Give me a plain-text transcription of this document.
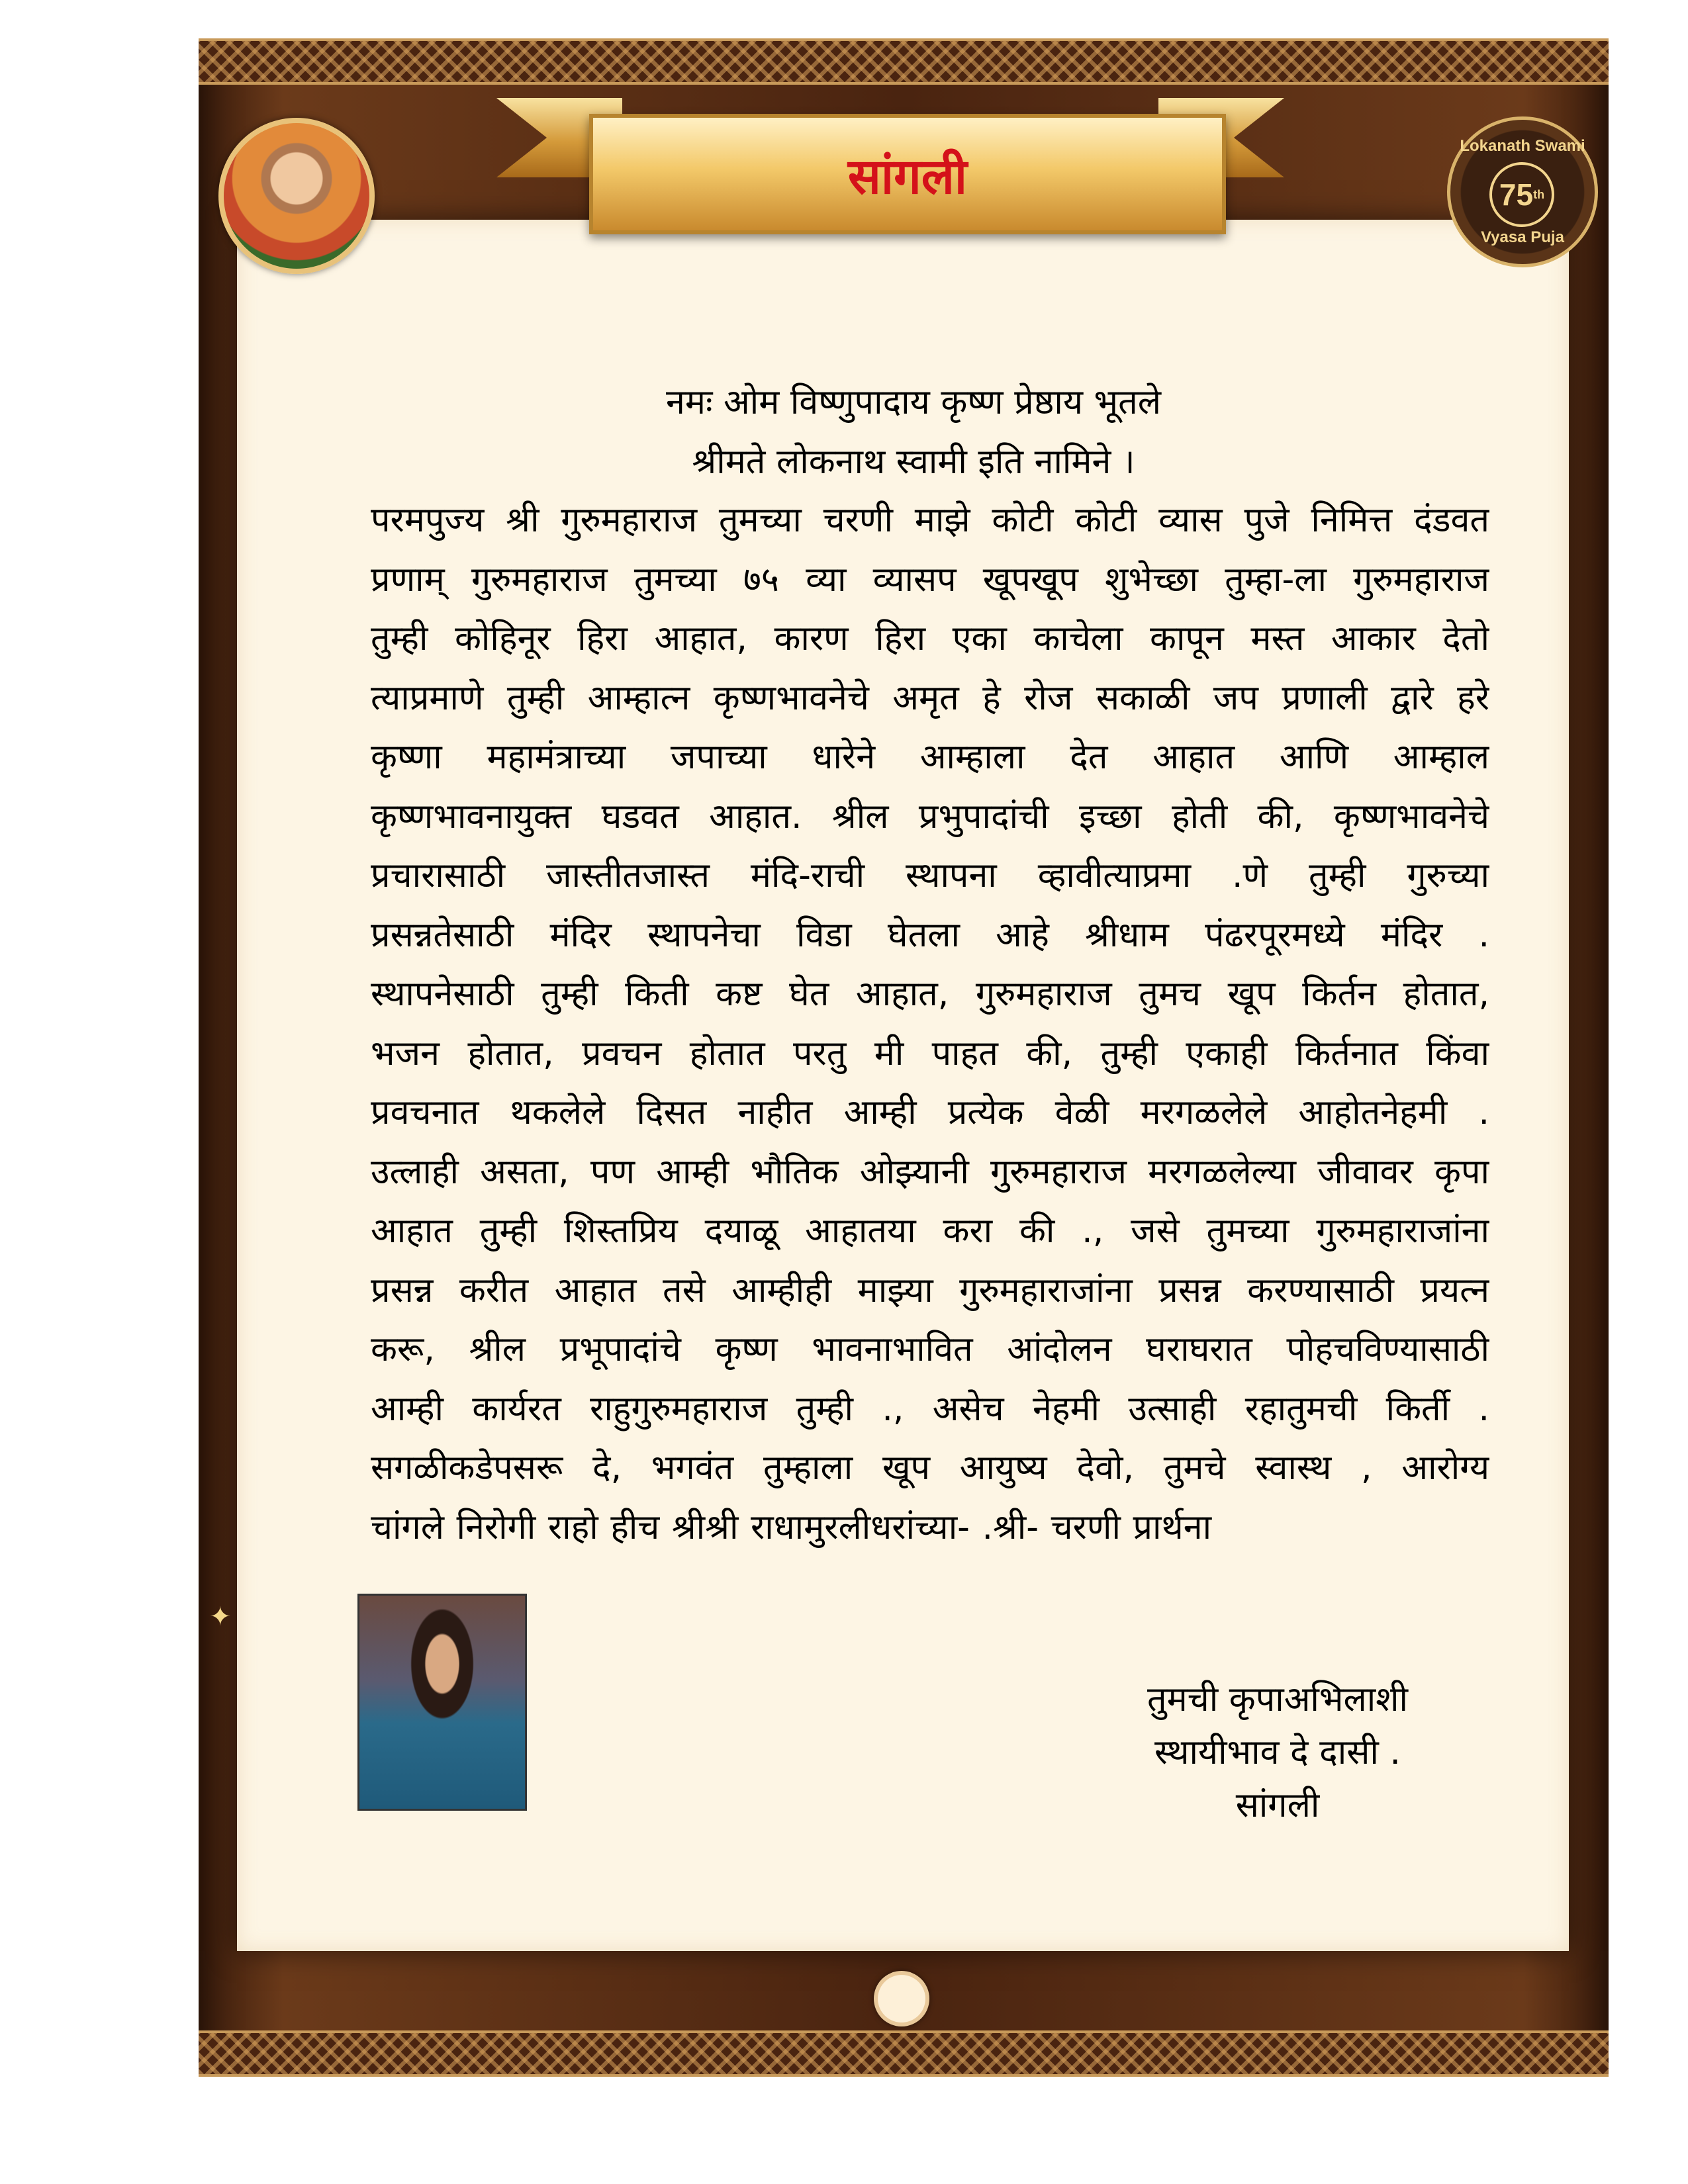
सांगली
Lokanath Swami
75 th
Vyasa Puja
नमः ओम विष्णुपादाय कृष्ण प्रेष्ठाय भूतले
श्रीमते लोकनाथ स्वामी इति नामिने ।
परमपुज्य श्री गुरुमहाराज तुमच्या चरणी माझे कोटी कोटी व्यास पुजे निमित्त दंडवत
प्रणाम् गुरुमहाराज तुमच्या ७५ व्या व्यासप खूपखूप शुभेच्छा तुम्हा-ला गुरुमहाराज
तुम्ही कोहिनूर हिरा आहात, कारण हिरा एका काचेला कापून मस्त आकार देतो
त्याप्रमाणे तुम्ही आम्हात्न कृष्णभावनेचे अमृत हे रोज सकाळी जप प्रणाली द्वारे हरे
कृष्णा महामंत्राच्या जपाच्या धारेने आम्हाला देत आहात आणि आम्हाल
कृष्णभावनायुक्त घडवत आहात. श्रील प्रभुपादांची इच्छा होती की, कृष्णभावनेचे
प्रचारासाठी जास्तीतजास्त मंदि-राची स्थापना व्हावीत्याप्रमा .णे तुम्ही गुरुच्या
प्रसन्नतेसाठी मंदिर स्थापनेचा विडा घेतला आहे श्रीधाम पंढरपूरमध्ये मंदिर .
स्थापनेसाठी तुम्ही किती कष्ट घेत आहात, गुरुमहाराज तुमच खूप किर्तन होतात,
भजन होतात, प्रवचन होतात परतु मी पाहत की, तुम्ही एकाही किर्तनात किंवा
प्रवचनात थकलेले दिसत नाहीत आम्ही प्रत्येक वेळी मरगळलेले आहोतनेहमी .
उत्लाही असता, पण आम्ही भौतिक ओझ्यानी गुरुमहाराज मरगळलेल्या जीवावर कृपा
आहात तुम्ही शिस्तप्रिय दयाळू आहातया करा की ., जसे तुमच्या गुरुमहाराजांना
प्रसन्न करीत आहात तसे आम्हीही माझ्या गुरुमहाराजांना प्रसन्न करण्यासाठी प्रयत्न
करू, श्रील प्रभूपादांचे कृष्ण भावनाभावित आंदोलन घराघरात पोहचविण्यासाठी
आम्ही कार्यरत राहुगुरुमहाराज तुम्ही ., असेच नेहमी उत्साही रहातुमची किर्ती .
सगळीकडेपसरू दे, भगवंत तुम्हाला खूप आयुष्य देवो, तुमचे स्वास्थ , आरोग्य
चांगले निरोगी राहो हीच श्रीश्री राधामुरलीधरांच्या- .श्री- चरणी प्रार्थना
✦
तुमची कृपाअभिलाशी
स्थायीभाव दे दासी .
सांगली
